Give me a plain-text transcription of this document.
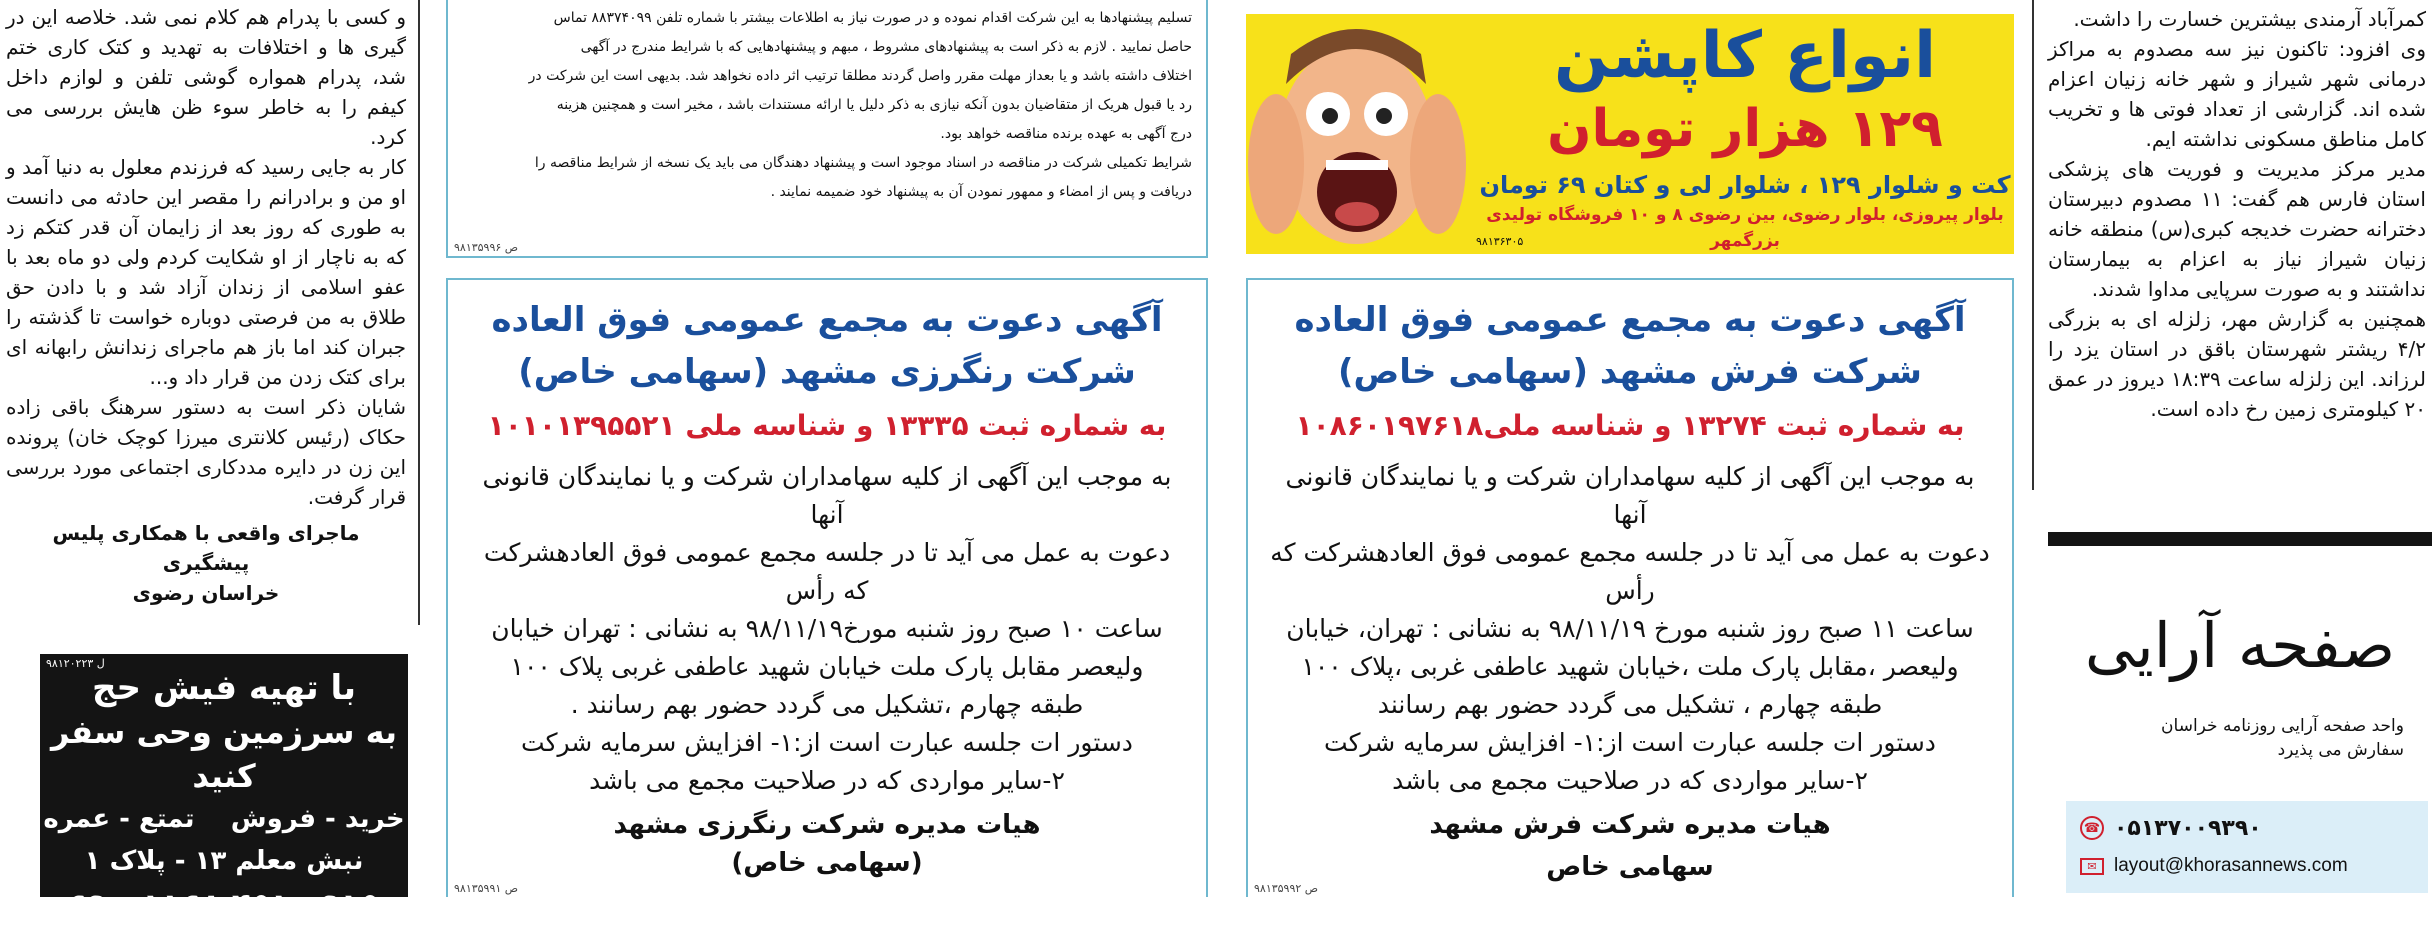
و کسی با پدرام هم کلام نمی شد. خلاصه این در گیری ها و اختلافات به تهدید و کتک کاری ختم شد، پدرام همواره گوشی تلفن و لوازم داخل کیفم را به خاطر سوء ظن هایش بررسی می کرد.

کار به جایی رسید که فرزندم معلول به دنیا آمد و او من و برادرانم را مقصر این حادثه می دانست به طوری که روز بعد از زایمان آن قدر کتکم زد که به ناچار از او شکایت کردم ولی دو ماه بعد با عفو اسلامی از زندان آزاد شد و با دادن حق طلاق به من فرصتی دوباره خواست تا گذشته را جبران کند اما باز هم ماجرای زندانش رابهانه ای برای کتک زدن من قرار داد و...

شایان ذکر است به دستور سرهنگ باقی زاده حکاک (رئیس کلانتری میرزا کوچک خان) پرونده این زن در دایره مددکاری اجتماعی مورد بررسی قرار گرفت.

ماجرای واقعی با همکاری پلیس پیشگیری
خراسان رضوی
۹۸۱۲۰۲۲۳ ل
با تهیه فیش حج
به سرزمین وحی سفر کنید
خرید - فروش    تمتع - عمره
نبش معلم ۱۳ - پلاک ۱
۰۹۱۵ ۴۵۱ ۱۱۶۸ - ۶۹
تسلیم پیشنهادها به این شرکت اقدام نموده و در صورت نیاز به اطلاعات بیشتر با شماره تلفن ۸۸۳۷۴۰۹۹ تماس
حاصل نمایید . لازم به ذکر است به پیشنهادهای مشروط ، مبهم و پیشنهادهایی که با شرایط مندرج در آگهی
اختلاف داشته باشد و یا بعداز مهلت مقرر واصل گردند مطلقا ترتیب اثر داده نخواهد شد. بدیهی است این شرکت در
رد یا قبول هریک از متقاضیان بدون آنکه نیازی به ذکر دلیل یا ارائه مستندات باشد ، مخیر است و همچنین هزینه
درج آگهی به عهده برنده مناقصه خواهد بود.
شرایط تکمیلی شرکت در مناقصه در اسناد موجود است و پیشنهاد دهندگان می باید یک نسخه از شرایط مناقصه را
دریافت و پس از امضاء و ممهور نمودن آن به پیشنهاد خود ضمیمه نمایند .
۹۸۱۳۵۹۹۶ ص	۹۸۱۳۶۳۰۵
انواع کاپشن
۱۲۹ هزار تومان
کت و شلوار ۱۲۹ ، شلوار لی و کتان ۶۹ تومان
بلوار پیروزی، بلوار رضوی، بین رضوی ۸ و ۱۰ فروشگاه تولیدی بزرگمهر
آگهی دعوت به مجمع عمومی فوق العاده
شرکت رنگرزی مشهد (سهامی خاص)
به شماره ثبت ۱۳۳۳۵ و شناسه ملی ۱۰۱۰۱۳۹۵۵۲۱
به موجب این آگهی از کلیه سهامداران شرکت و یا نمایندگان قانونی آنها
دعوت به عمل می آید تا در جلسه مجمع عمومی فوق العادهشرکت که رأس
ساعت ۱۰ صبح روز شنبه مورخ۹۸/۱۱/۱۹ به نشانی : تهران خیابان
ولیعصر مقابل پارک ملت خیابان شهید عاطفی غربی پلاک ۱۰۰
طبقه چهارم ،تشکیل می گردد حضور بهم رسانند .
دستور ات جلسه عبارت است از:۱- افزایش سرمایه شرکت
۲-سایر مواردی که در صلاحیت مجمع می باشد
هیات مدیره شرکت رنگرزی مشهد
(سهامی خاص)
۹۸۱۳۵۹۹۱ ص
آگهی دعوت به مجمع عمومی فوق العاده
شرکت فرش مشهد (سهامی خاص)
به شماره ثبت ۱۳۲۷۴ و شناسه ملی۱۰۸۶۰۱۹۷۶۱۸
به موجب این آگهی از کلیه سهامداران شرکت و یا نمایندگان قانونی آنها
دعوت به عمل می آید تا در جلسه مجمع عمومی فوق العادهشرکت که رأس
ساعت ۱۱ صبح روز شنبه مورخ ۹۸/۱۱/۱۹ به نشانی : تهران، خیابان
ولیعصر ،مقابل پارک ملت ،خیابان شهید عاطفی غربی ،پلاک ۱۰۰
طبقه چهارم ، تشکیل می گردد حضور بهم رسانند
دستور ات جلسه عبارت است از:۱- افزایش سرمایه شرکت
۲-سایر مواردی که در صلاحیت مجمع می باشد
هیات مدیره شرکت فرش مشهد
سهامی خاص
۹۸۱۳۵۹۹۲ ص

کمرآباد آرمندی بیشترین خسارت را داشت.

وی افزود: تاکنون نیز سه مصدوم به مراکز درمانی شهر شیراز و شهر خانه زنیان اعزام شده اند. گزارشی از تعداد فوتی ها و تخریب کامل مناطق مسکونی نداشته ایم.

مدیر مرکز مدیریت و فوریت های پزشکی استان فارس هم گفت: ۱۱ مصدوم دبیرستان دخترانه حضرت خدیجه کبری(س) منطقه خانه زنیان شیراز نیاز به اعزام به بیمارستان نداشتند و به صورت سرپایی مداوا شدند.

همچنین به گزارش مهر، زلزله ای به بزرگی ۴/۲ ریشتر شهرستان باقق در استان یزد را لرزاند. این زلزله ساعت ۱۸:۳۹ دیروز در عمق ۲۰ کیلومتری زمین رخ داده است.

صفحه آرایی
واحد صفحه آرایی روزنامه خراسان
سفارش می پذیرد
☎ ۰۵۱۳۷۰۰۹۳۹۰
✉ layout@khorasannews.com
